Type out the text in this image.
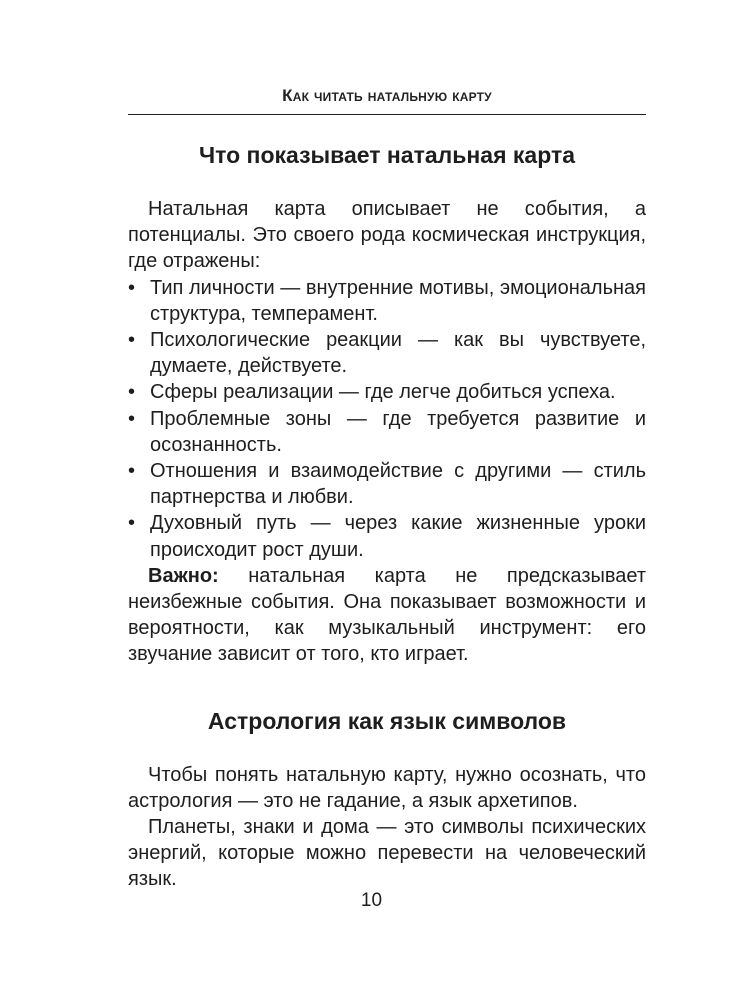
Как читать натальную карту
Что показывает натальная карта

Натальная карта описывает не события, а потенциалы. Это своего рода космическая инструкция, где отражены:

• Тип личности — внутренние мотивы, эмоциональная структура, темперамент.
• Психологические реакции — как вы чувствуете, думаете, действуете.
• Сферы реализации — где легче добиться успеха.
• Проблемные зоны — где требуется развитие и осознанность.
• Отношения и взаимодействие с другими — стиль партнерства и любви.
• Духовный путь — через какие жизненные уроки происходит рост души.

Важно: натальная карта не предсказывает неизбежные события. Она показывает возможности и вероятности, как музыкальный инструмент: его звучание зависит от того, кто играет.

Астрология как язык символов

Чтобы понять натальную карту, нужно осознать, что астрология — это не гадание, а язык архетипов.

Планеты, знаки и дома — это символы психических энергий, которые можно перевести на человеческий язык.

10
